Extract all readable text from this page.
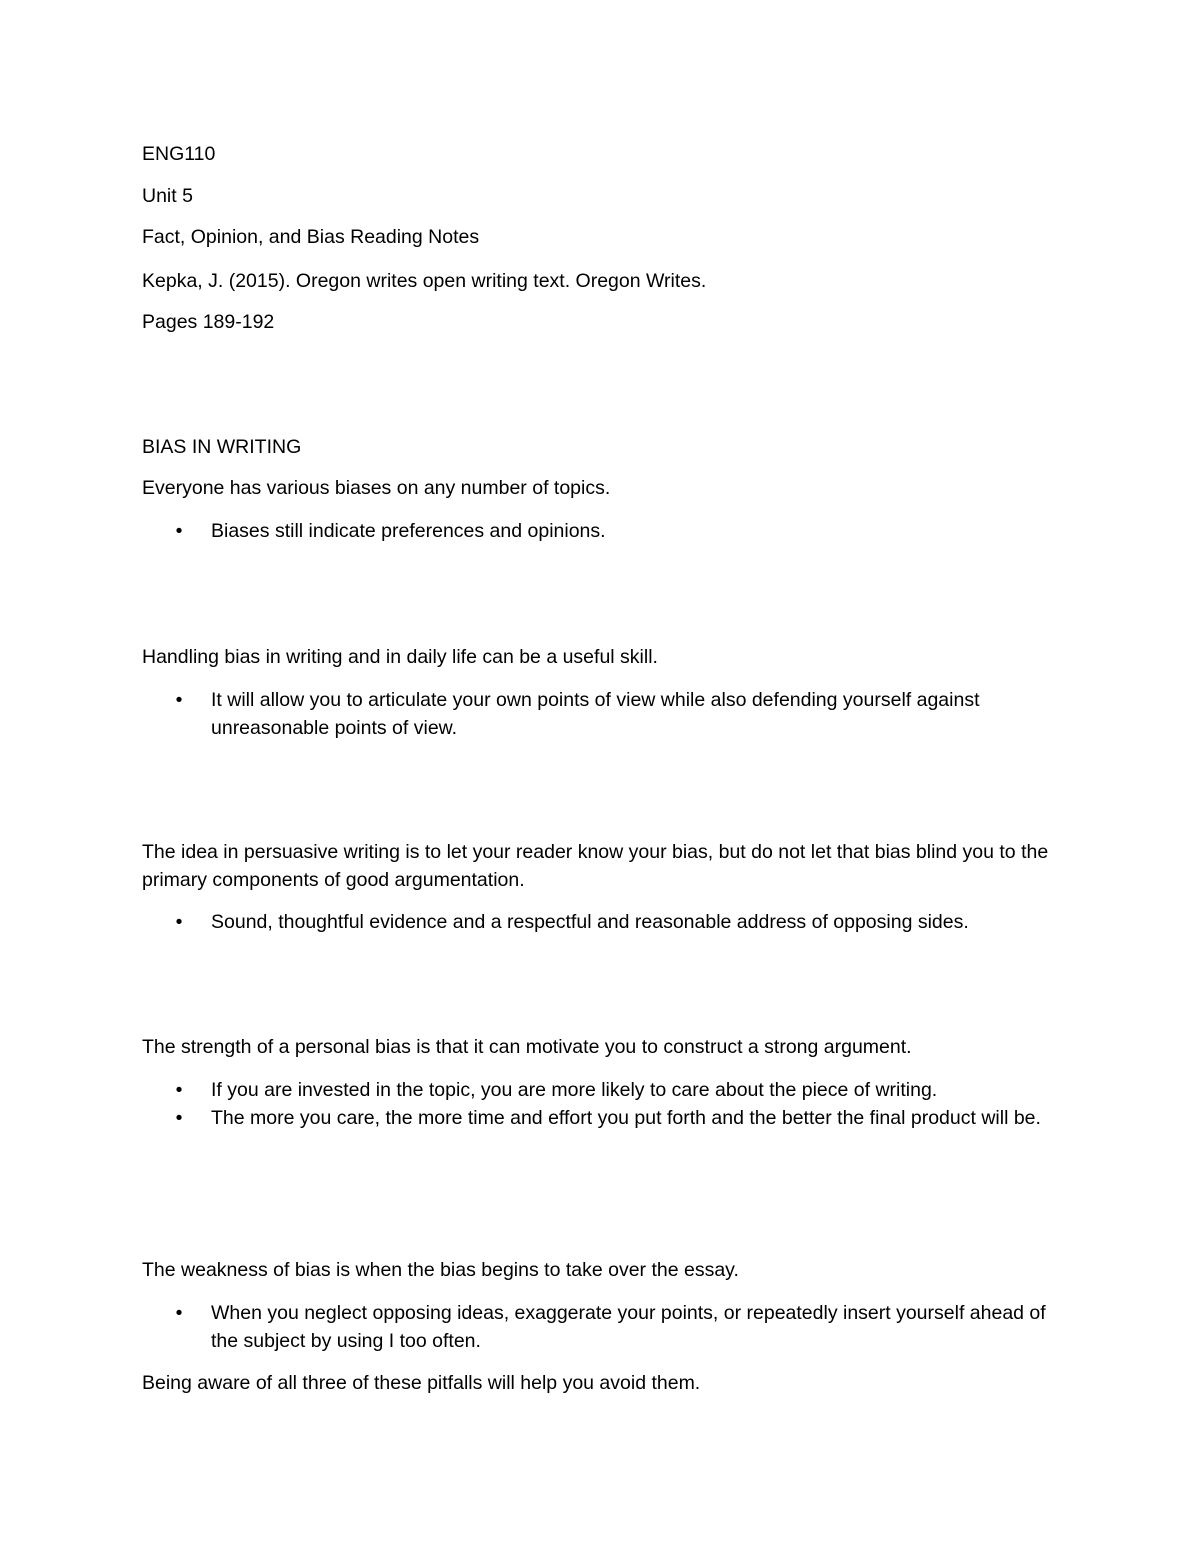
ENG110
Unit 5
Fact, Opinion, and Bias Reading Notes
Kepka, J. (2015). Oregon writes open writing text. Oregon Writes.
Pages 189-192
BIAS IN WRITING
Everyone has various biases on any number of topics.
• Biases still indicate preferences and opinions.
Handling bias in writing and in daily life can be a useful skill.
• It will allow you to articulate your own points of view while also defending yourself against unreasonable points of view.
The idea in persuasive writing is to let your reader know your bias, but do not let that bias blind you to the primary components of good argumentation.
• Sound, thoughtful evidence and a respectful and reasonable address of opposing sides.
The strength of a personal bias is that it can motivate you to construct a strong argument.
• If you are invested in the topic, you are more likely to care about the piece of writing.
• The more you care, the more time and effort you put forth and the better the final product will be.
The weakness of bias is when the bias begins to take over the essay.
• When you neglect opposing ideas, exaggerate your points, or repeatedly insert yourself ahead of the subject by using I too often.
Being aware of all three of these pitfalls will help you avoid them.
